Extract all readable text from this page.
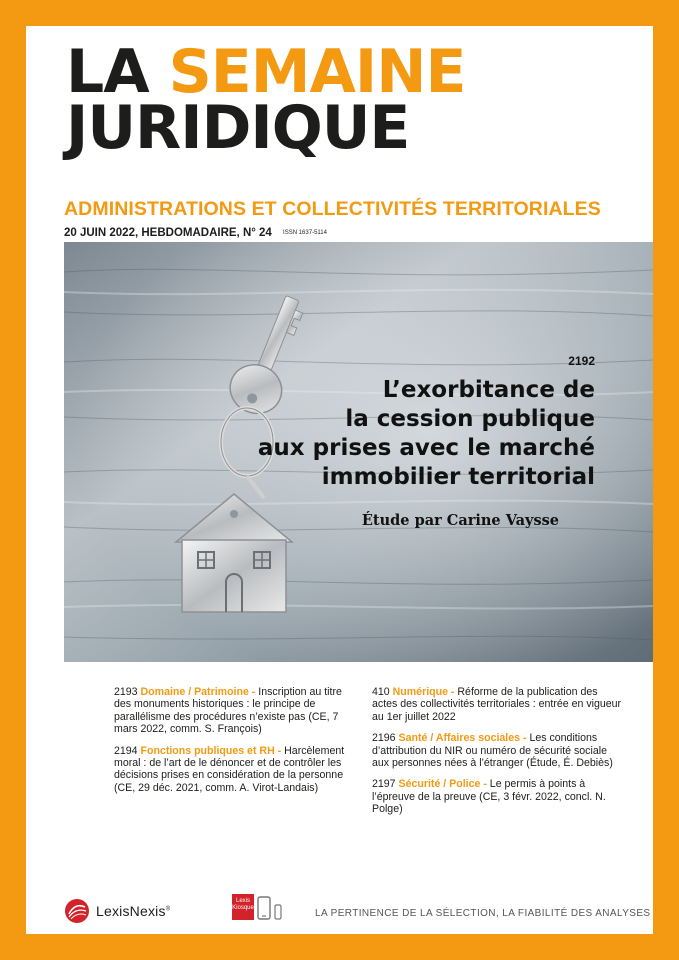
LA SEMAINE
JURIDIQUE
ADMINISTRATIONS ET COLLECTIVITÉS TERRITORIALES
20 JUIN 2022, HEBDOMADAIRE, N° 24 ISSN 1637-5114
2192
L’exorbitance de
la cession publique
aux prises avec le marché
immobilier territorial
Étude par Carine Vaysse
2193 Domaine / Patrimoine - Inscription au titre des monuments historiques : le principe de parallélisme des procédures n’existe pas (CE, 7 mars 2022, comm. S. François)
2194 Fonctions publiques et RH - Harcèlement moral : de l’art de le dénoncer et de contrôler les décisions prises en considération de la personne (CE, 29 déc. 2021, comm. A. Virot-Landais)
410 Numérique - Réforme de la publication des actes des collectivités territoriales : entrée en vigueur au 1er juillet 2022
2196 Santé / Affaires sociales - Les conditions d’attribution du NIR ou numéro de sécurité sociale aux personnes nées à l’étranger (Étude, É. Debiès)
2197 Sécurité / Police - Le permis à points à l’épreuve de la preuve (CE, 3 févr. 2022, concl. N. Polge)
LexisNexis®
Lexis
Kiosque	LA PERTINENCE DE LA SÉLECTION, LA FIABILITÉ DES ANALYSES
